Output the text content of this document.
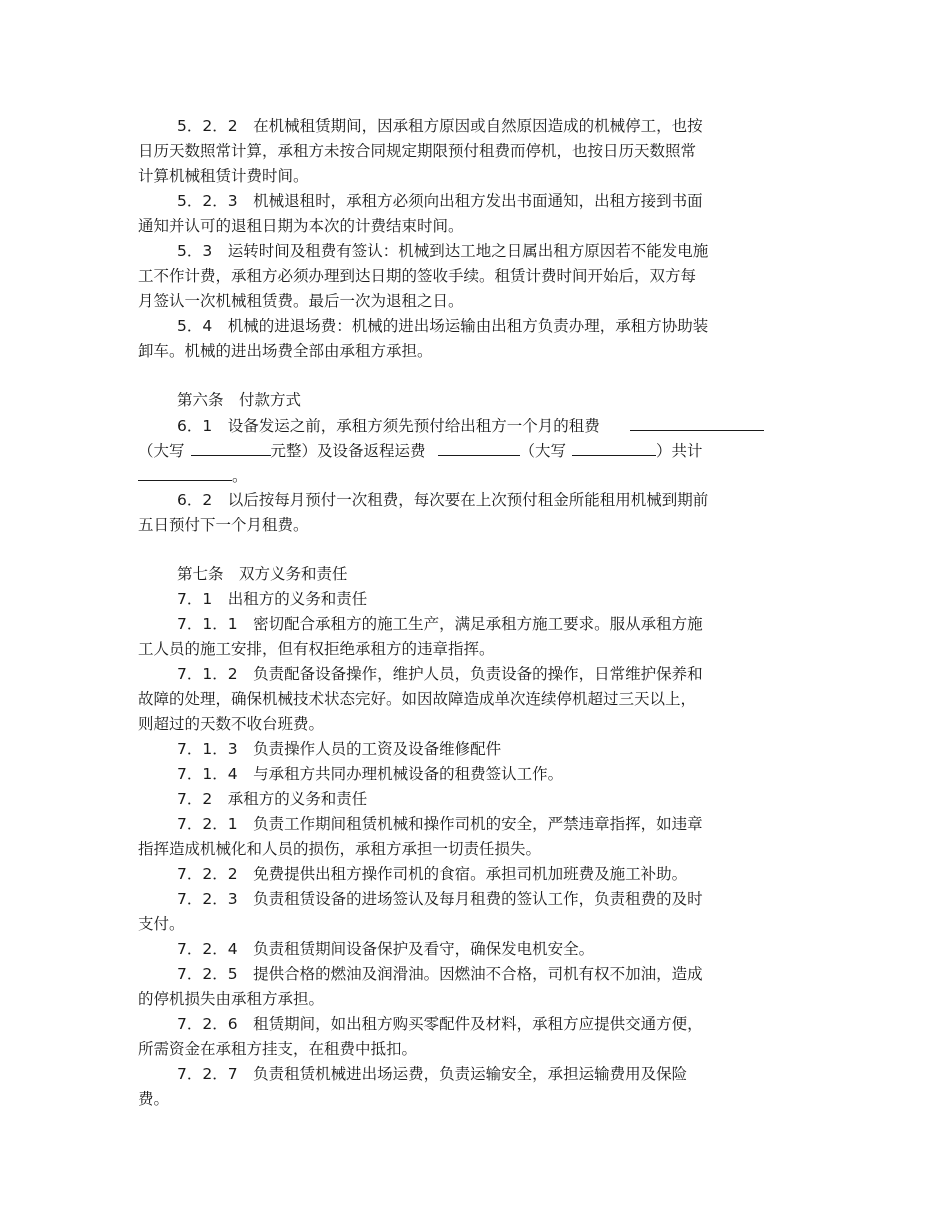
5．2．2　在机械租赁期间，因承租方原因或自然原因造成的机械停工，也按
日历天数照常计算，承租方未按合同规定期限预付租费而停机，也按日历天数照常
计算机械租赁计费时间。
5．2．3　机械退租时，承租方必须向出租方发出书面通知，出租方接到书面
通知并认可的退租日期为本次的计费结束时间。
5．3　运转时间及租费有签认：机械到达工地之日属出租方原因若不能发电施
工不作计费，承租方必须办理到达日期的签收手续。租赁计费时间开始后，双方每
月签认一次机械租赁费。最后一次为退租之日。
5．4　机械的进退场费：机械的进出场运输由出租方负责办理，承租方协助装
卸车。机械的进出场费全部由承租方承担。
第六条　付款方式
6．1　设备发运之前，承租方须先预付给出租方一个月的租费
（大写	元整）及设备返程运费	（大写	）共计
。
6．2　以后按每月预付一次租费，每次要在上次预付租金所能租用机械到期前
五日预付下一个月租费。
第七条　双方义务和责任
7．1　出租方的义务和责任
7．1．1　密切配合承租方的施工生产，满足承租方施工要求。服从承租方施
工人员的施工安排，但有权拒绝承租方的违章指挥。
7．1．2　负责配备设备操作，维护人员，负责设备的操作，日常维护保养和
故障的处理，确保机械技术状态完好。如因故障造成单次连续停机超过三天以上，
则超过的天数不收台班费。
7．1．3　负责操作人员的工资及设备维修配件
7．1．4　与承租方共同办理机械设备的租费签认工作。
7．2　承租方的义务和责任
7．2．1　负责工作期间租赁机械和操作司机的安全，严禁违章指挥，如违章
指挥造成机械化和人员的损伤，承租方承担一切责任损失。
7．2．2　免费提供出租方操作司机的食宿。承担司机加班费及施工补助。
7．2．3　负责租赁设备的进场签认及每月租费的签认工作，负责租费的及时
支付。
7．2．4　负责租赁期间设备保护及看守，确保发电机安全。
7．2．5　提供合格的燃油及润滑油。因燃油不合格，司机有权不加油，造成
的停机损失由承租方承担。
7．2．6　租赁期间，如出租方购买零配件及材料，承租方应提供交通方便，
所需资金在承租方挂支，在租费中抵扣。
7．2．7　负责租赁机械进出场运费，负责运输安全，承担运输费用及保险
费。
